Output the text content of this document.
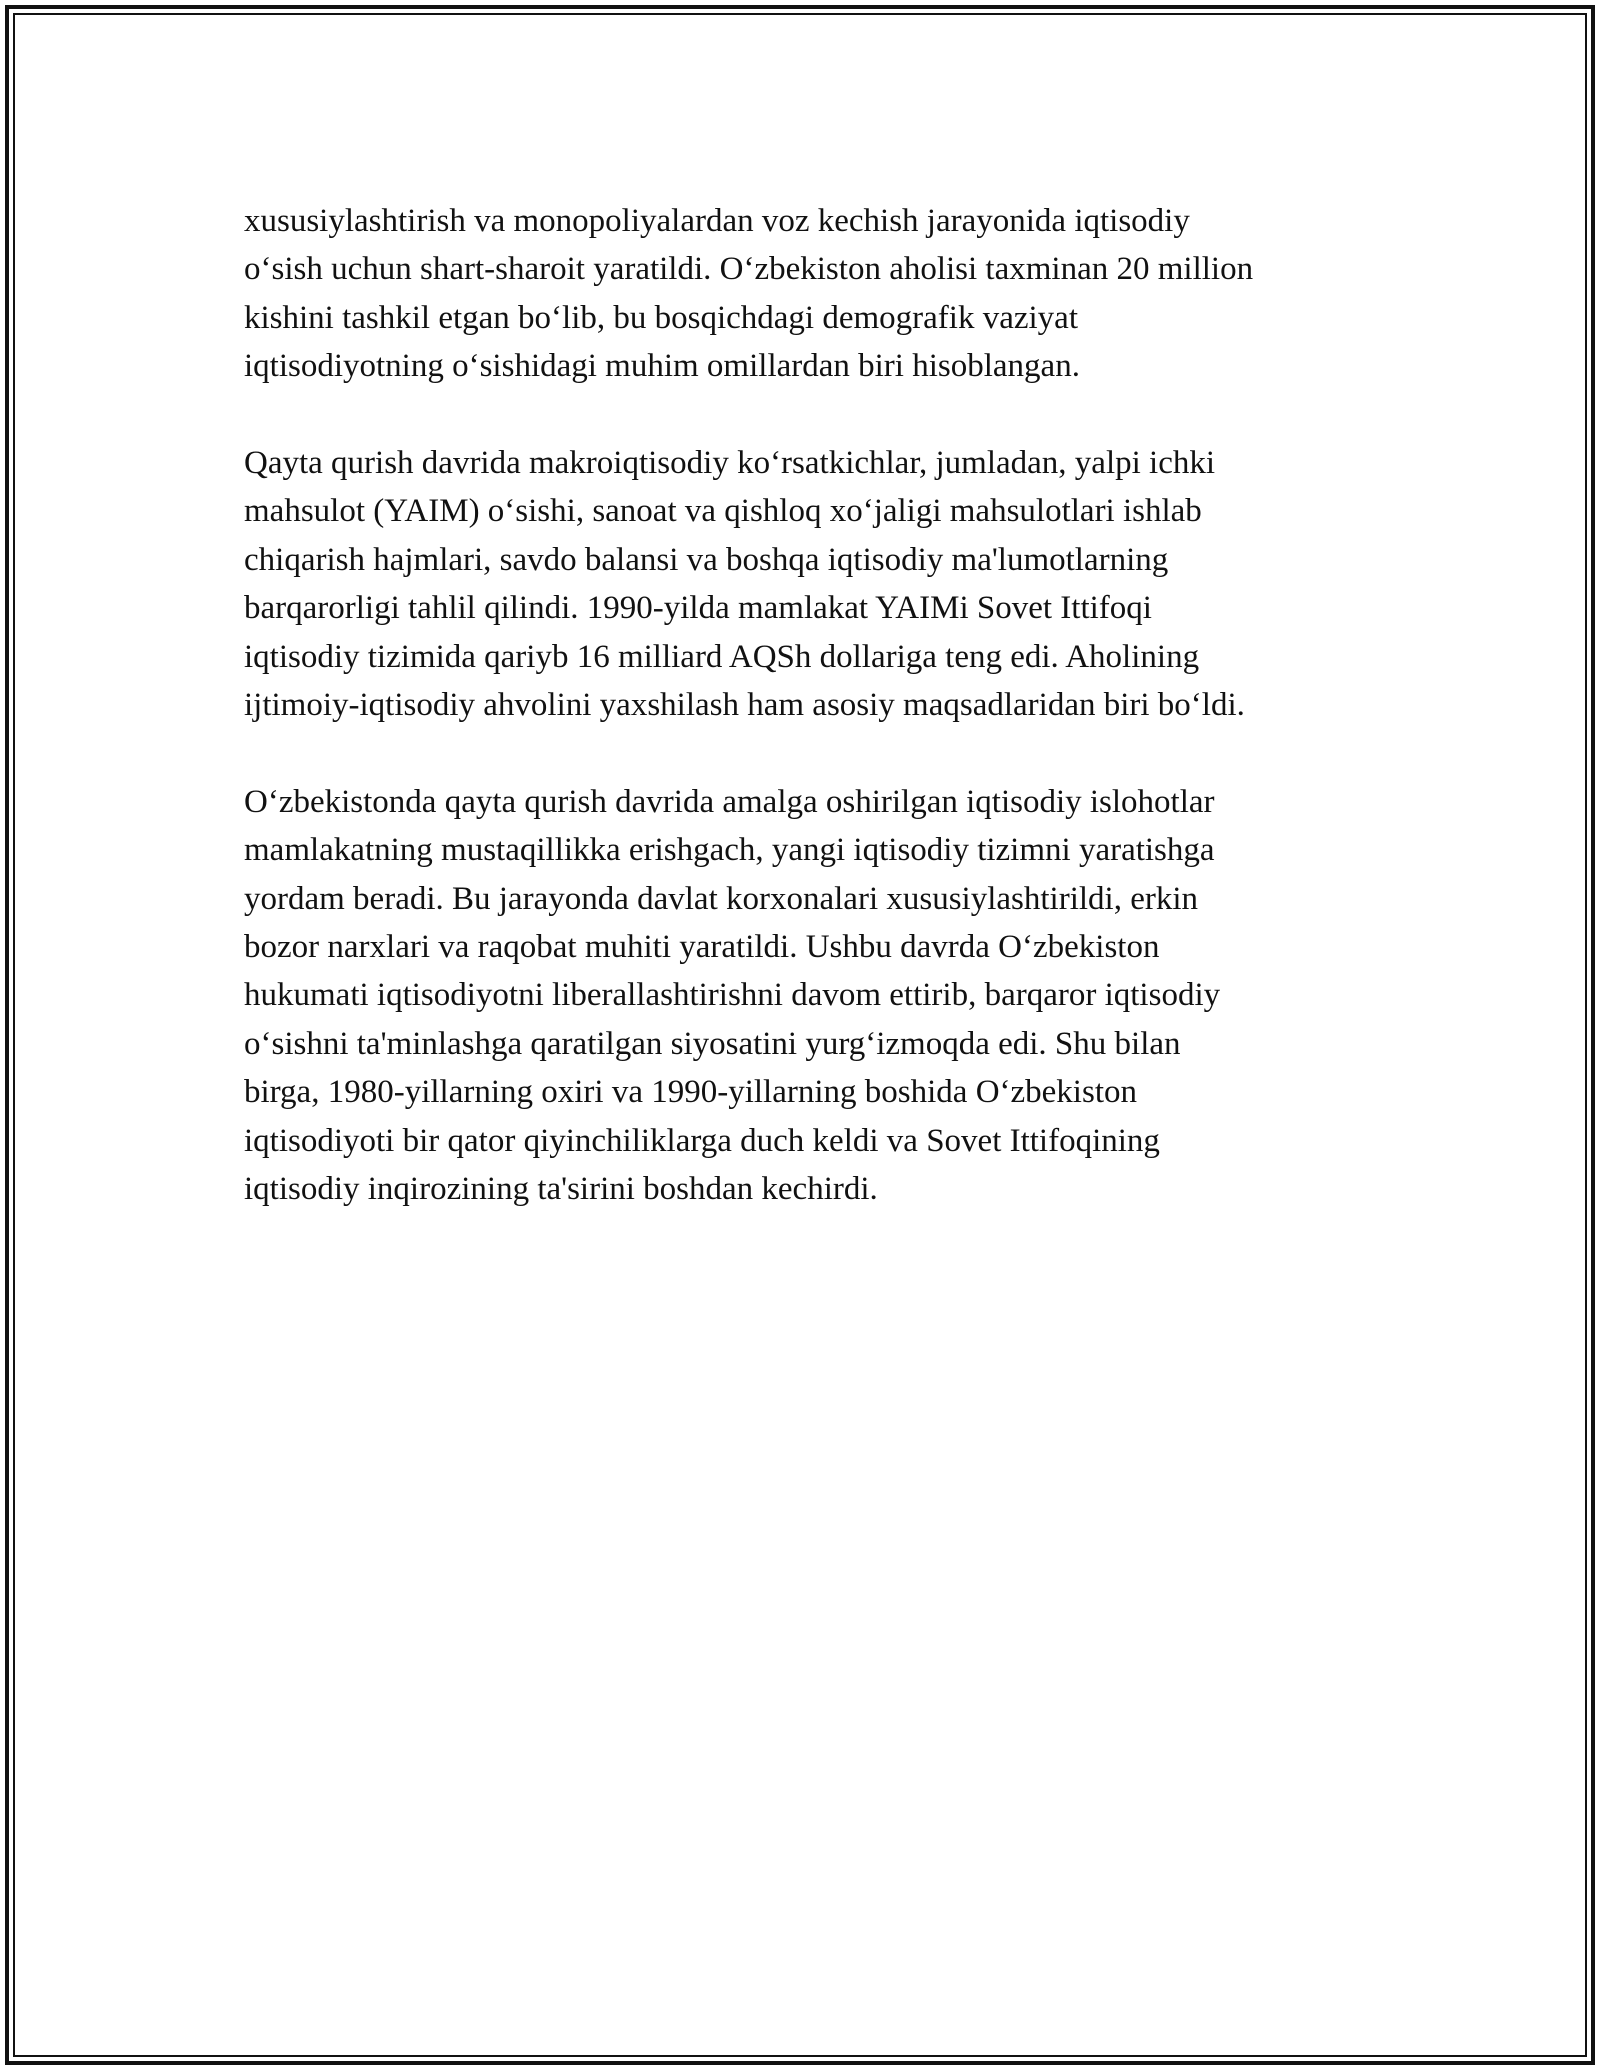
xususiylashtirish va monopoliyalardan voz kechish jarayonida iqtisodiy
o‘sish uchun shart-sharoit yaratildi. O‘zbekiston aholisi taxminan 20 million
kishini tashkil etgan bo‘lib, bu bosqichdagi demografik vaziyat
iqtisodiyotning o‘sishidagi muhim omillardan biri hisoblangan.

Qayta qurish davrida makroiqtisodiy ko‘rsatkichlar, jumladan, yalpi ichki
mahsulot (YAIM) o‘sishi, sanoat va qishloq xo‘jaligi mahsulotlari ishlab
chiqarish hajmlari, savdo balansi va boshqa iqtisodiy ma'lumotlarning
barqarorligi tahlil qilindi. 1990-yilda mamlakat YAIMi Sovet Ittifoqi
iqtisodiy tizimida qariyb 16 milliard AQSh dollariga teng edi. Aholining
ijtimoiy-iqtisodiy ahvolini yaxshilash ham asosiy maqsadlaridan biri bo‘ldi.

O‘zbekistonda qayta qurish davrida amalga oshirilgan iqtisodiy islohotlar
mamlakatning mustaqillikka erishgach, yangi iqtisodiy tizimni yaratishga
yordam beradi. Bu jarayonda davlat korxonalari xususiylashtirildi, erkin
bozor narxlari va raqobat muhiti yaratildi. Ushbu davrda O‘zbekiston
hukumati iqtisodiyotni liberallashtirishni davom ettirib, barqaror iqtisodiy
o‘sishni ta'minlashga qaratilgan siyosatini yurg‘izmoqda edi. Shu bilan
birga, 1980-yillarning oxiri va 1990-yillarning boshida O‘zbekiston
iqtisodiyoti bir qator qiyinchiliklarga duch keldi va Sovet Ittifoqining
iqtisodiy inqirozining ta'sirini boshdan kechirdi.
